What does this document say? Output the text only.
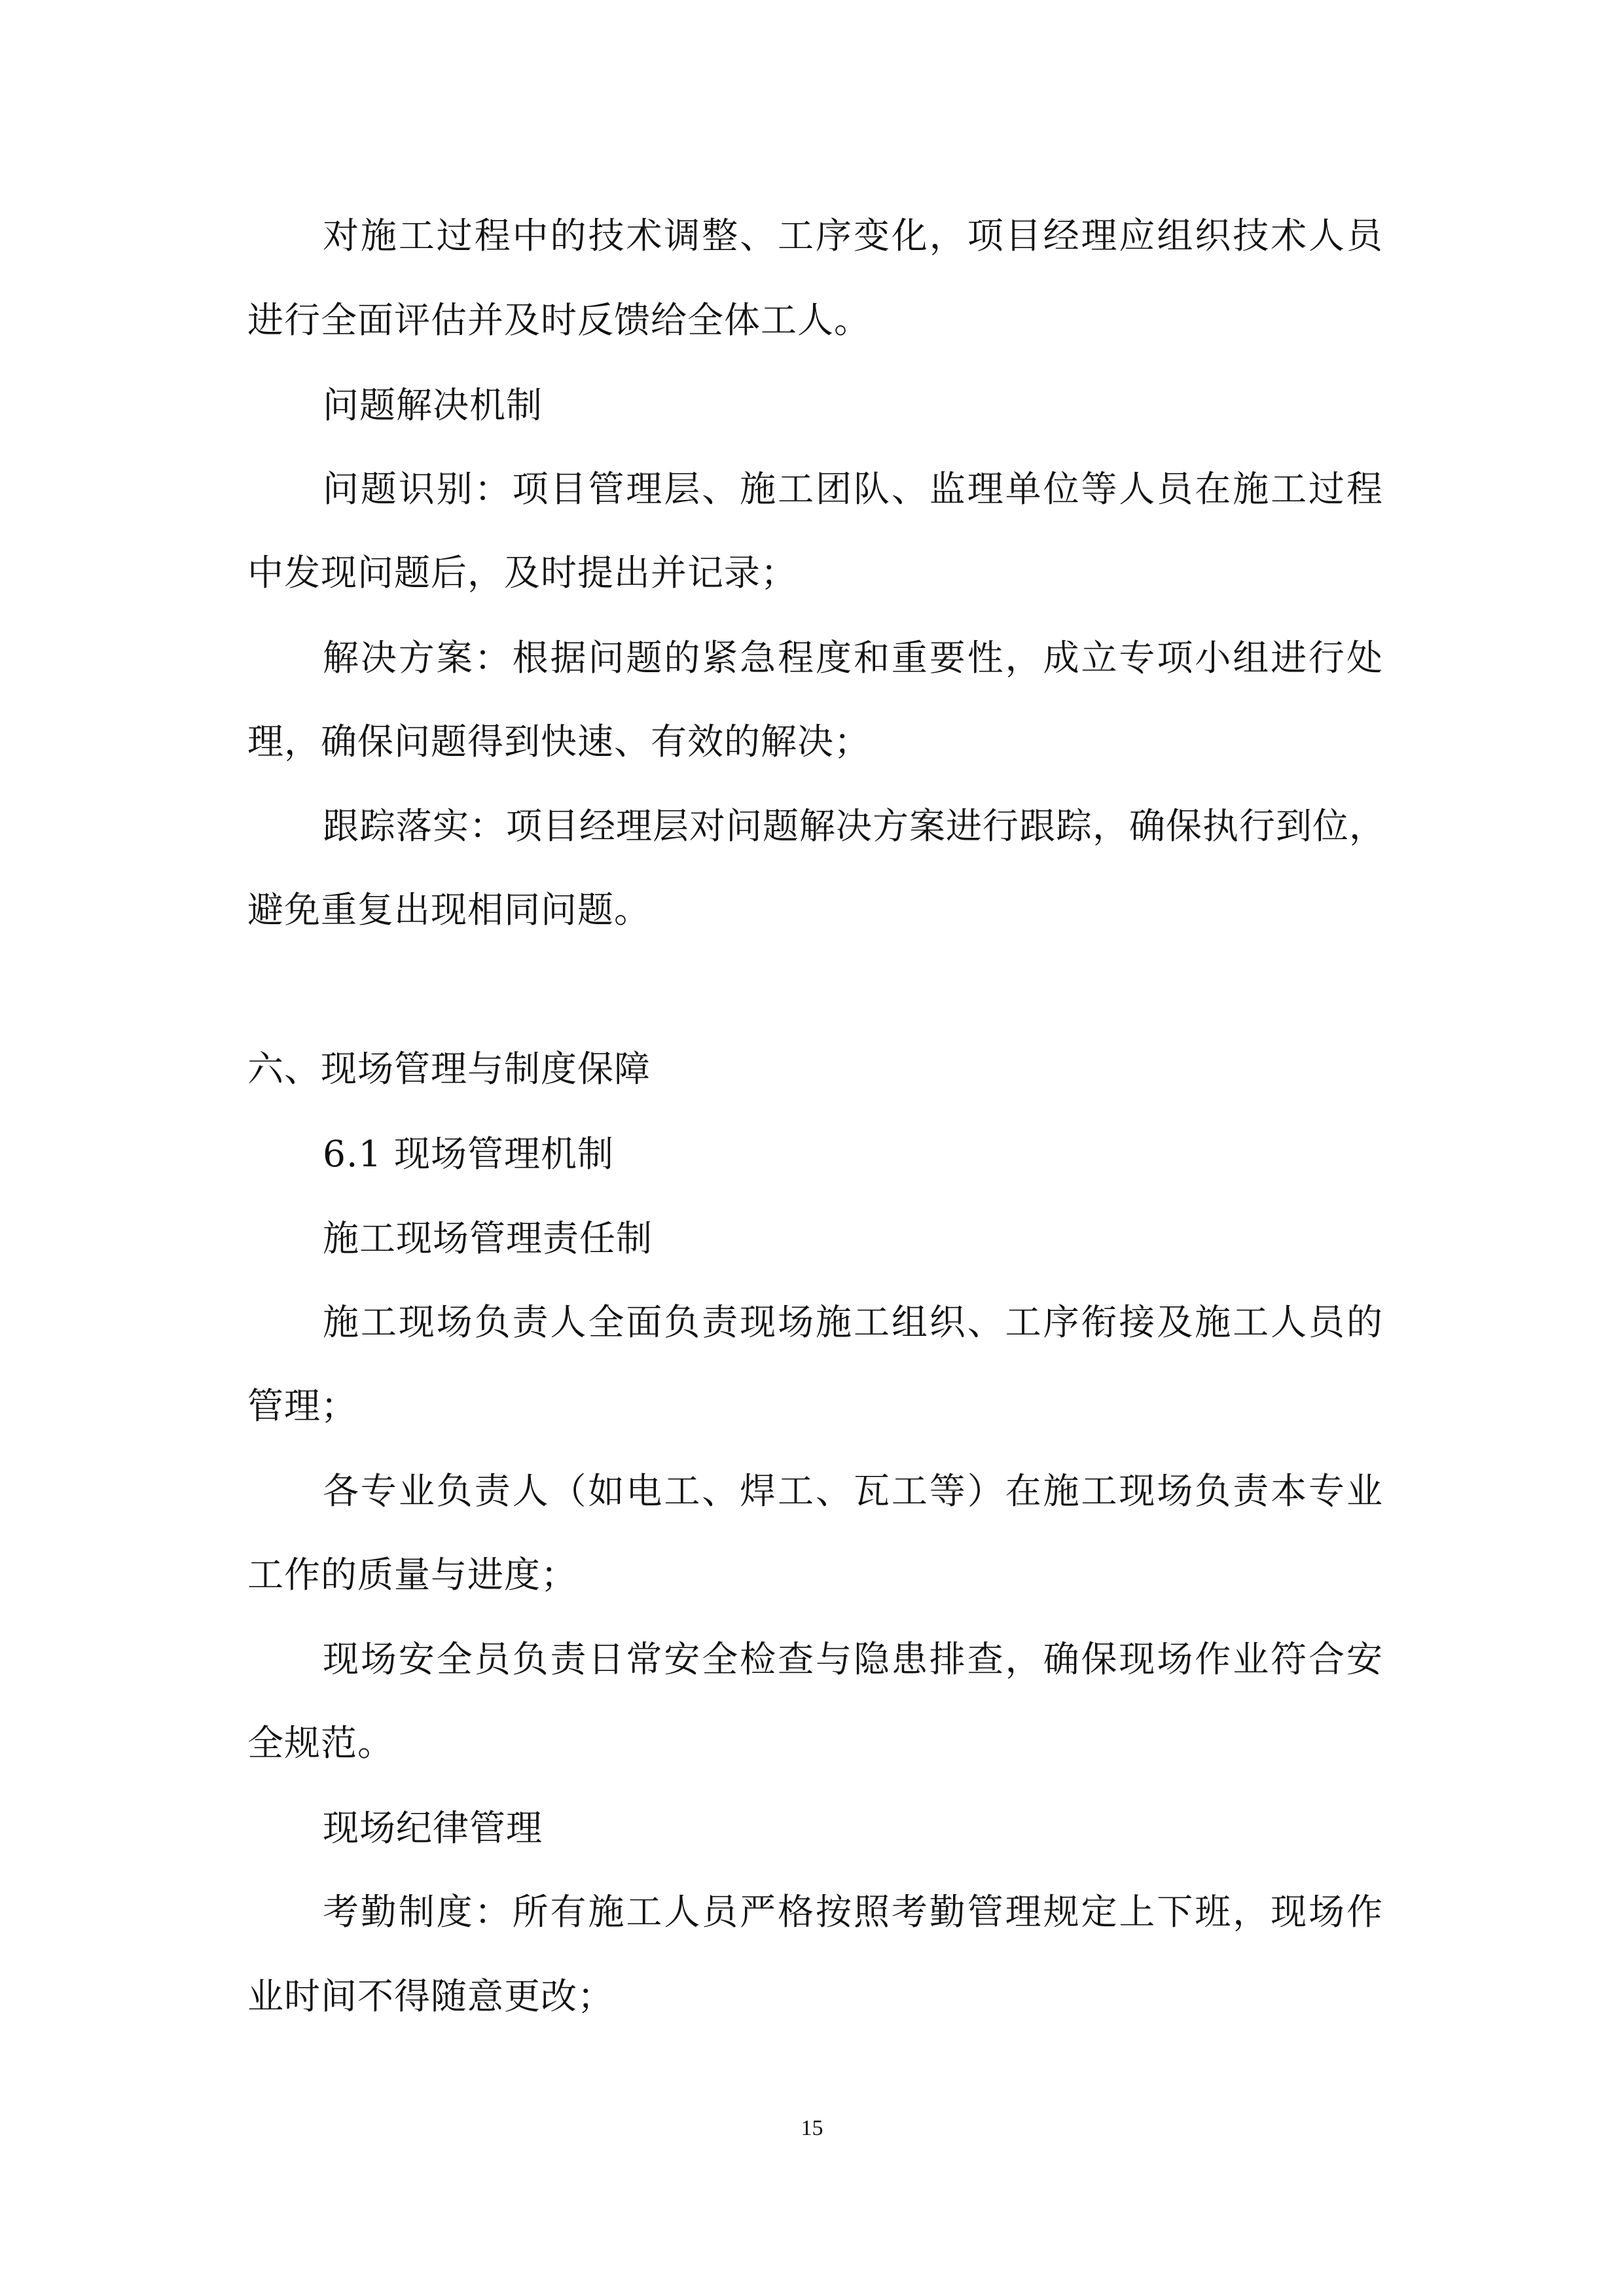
对施工过程中的技术调整、工序变化，项目经理应组织技术人员
进行全面评估并及时反馈给全体工人。
问题解决机制
问题识别：项目管理层、施工团队、监理单位等人员在施工过程
中发现问题后，及时提出并记录；
解决方案：根据问题的紧急程度和重要性，成立专项小组进行处
理，确保问题得到快速、有效的解决；
跟踪落实：项目经理层对问题解决方案进行跟踪，确保执行到位，
避免重复出现相同问题。
六、现场管理与制度保障
6.1 现场管理机制
施工现场管理责任制
施工现场负责人全面负责现场施工组织、工序衔接及施工人员的
管理；
各专业负责人（如电工、焊工、瓦工等）在施工现场负责本专业
工作的质量与进度；
现场安全员负责日常安全检查与隐患排查，确保现场作业符合安
全规范。
现场纪律管理
考勤制度：所有施工人员严格按照考勤管理规定上下班，现场作
业时间不得随意更改；
15
